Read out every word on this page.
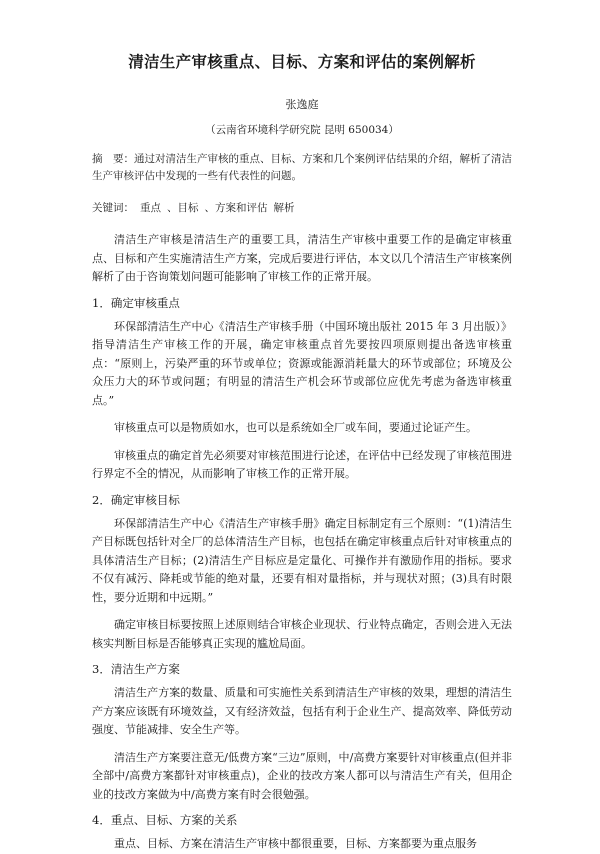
清洁生产审核重点、目标、方案和评估的案例解析
张逸庭
（云南省环境科学研究院 昆明 650034）
摘　要：通过对清洁生产审核的重点、目标、方案和几个案例评估结果的介绍，解析了清洁生产审核评估中发现的一些有代表性的问题。
关键词： 重点 、目标 、方案和评估 解析

清洁生产审核是清洁生产的重要工具，清洁生产审核中重要工作的是确定审核重点、目标和产生实施清洁生产方案，完成后要进行评估，本文以几个清洁生产审核案例解析了由于咨询策划问题可能影响了审核工作的正常开展。

1．确定审核重点

环保部清洁生产中心《清洁生产审核手册（中国环境出版社 2015 年 3 月出版）》指导清洁生产审核工作的开展，确定审核重点首先要按四项原则提出备选审核重点：“原则上，污染严重的环节或单位；资源或能源消耗量大的环节或部位；环境及公众压力大的环节或问题；有明显的清洁生产机会环节或部位应优先考虑为备选审核重点。”

审核重点可以是物质如水，也可以是系统如全厂或车间，要通过论证产生。

审核重点的确定首先必须要对审核范围进行论述，在评估中已经发现了审核范围进行界定不全的情况，从而影响了审核工作的正常开展。

2．确定审核目标

环保部清洁生产中心《清洁生产审核手册》确定目标制定有三个原则：“(1)清洁生产目标既包括针对全厂的总体清洁生产目标，也包括在确定审核重点后针对审核重点的具体清洁生产目标；(2)清洁生产目标应是定量化、可操作并有激励作用的指标。要求不仅有减污、降耗或节能的绝对量，还要有相对量指标，并与现状对照；(3)具有时限性，要分近期和中远期。”

确定审核目标要按照上述原则结合审核企业现状、行业特点确定，否则会进入无法核实判断目标是否能够真正实现的尴尬局面。

3．清洁生产方案

清洁生产方案的数量、质量和可实施性关系到清洁生产审核的效果，理想的清洁生产方案应该既有环境效益，又有经济效益，包括有利于企业生产、提高效率、降低劳动强度、节能减排、安全生产等。

清洁生产方案要注意无/低费方案“三边”原则，中/高费方案要针对审核重点(但并非全部中/高费方案都针对审核重点)，企业的技改方案人都可以与清洁生产有关，但用企业的技改方案做为中/高费方案有时会很勉强。

4．重点、目标、方案的关系

重点、目标、方案在清洁生产审核中都很重要，目标、方案都要为重点服务
